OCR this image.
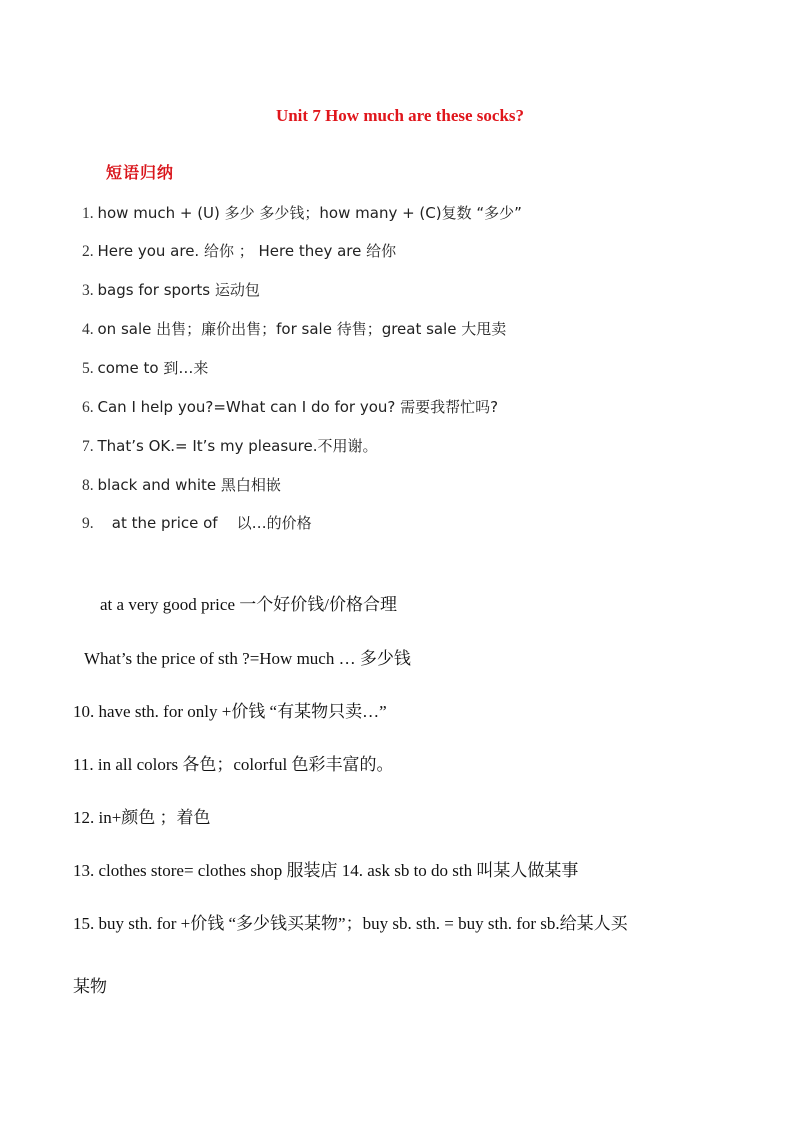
Unit 7 How much are these socks?
短语归纳
1. how much + (U) 多少 多少钱；how many + (C)复数 “多少”
2. Here you are. 给你 ； Here they are 给你
3. bags for sports 运动包
4. on sale 出售；廉价出售；for sale 待售；great sale 大甩卖
5. come to 到…来
6. Can I help you?=What can I do for you? 需要我帮忙吗?
7. That’s OK.= It’s my pleasure.不用谢。
8. black and white 黑白相嵌
9.    at the price of    以…的价格
at a very good price 一个好价钱/价格合理
What’s the price of sth ?=How much … 多少钱
10. have sth. for only +价钱 “有某物只卖…”
11. in all colors 各色；colorful 色彩丰富的。
12. in+颜色 ；着色
13. clothes store= clothes shop 服装店 14. ask sb to do sth 叫某人做某事
15. buy sth. for +价钱 “多少钱买某物”；buy sb. sth. = buy sth. for sb.给某人买
某物
